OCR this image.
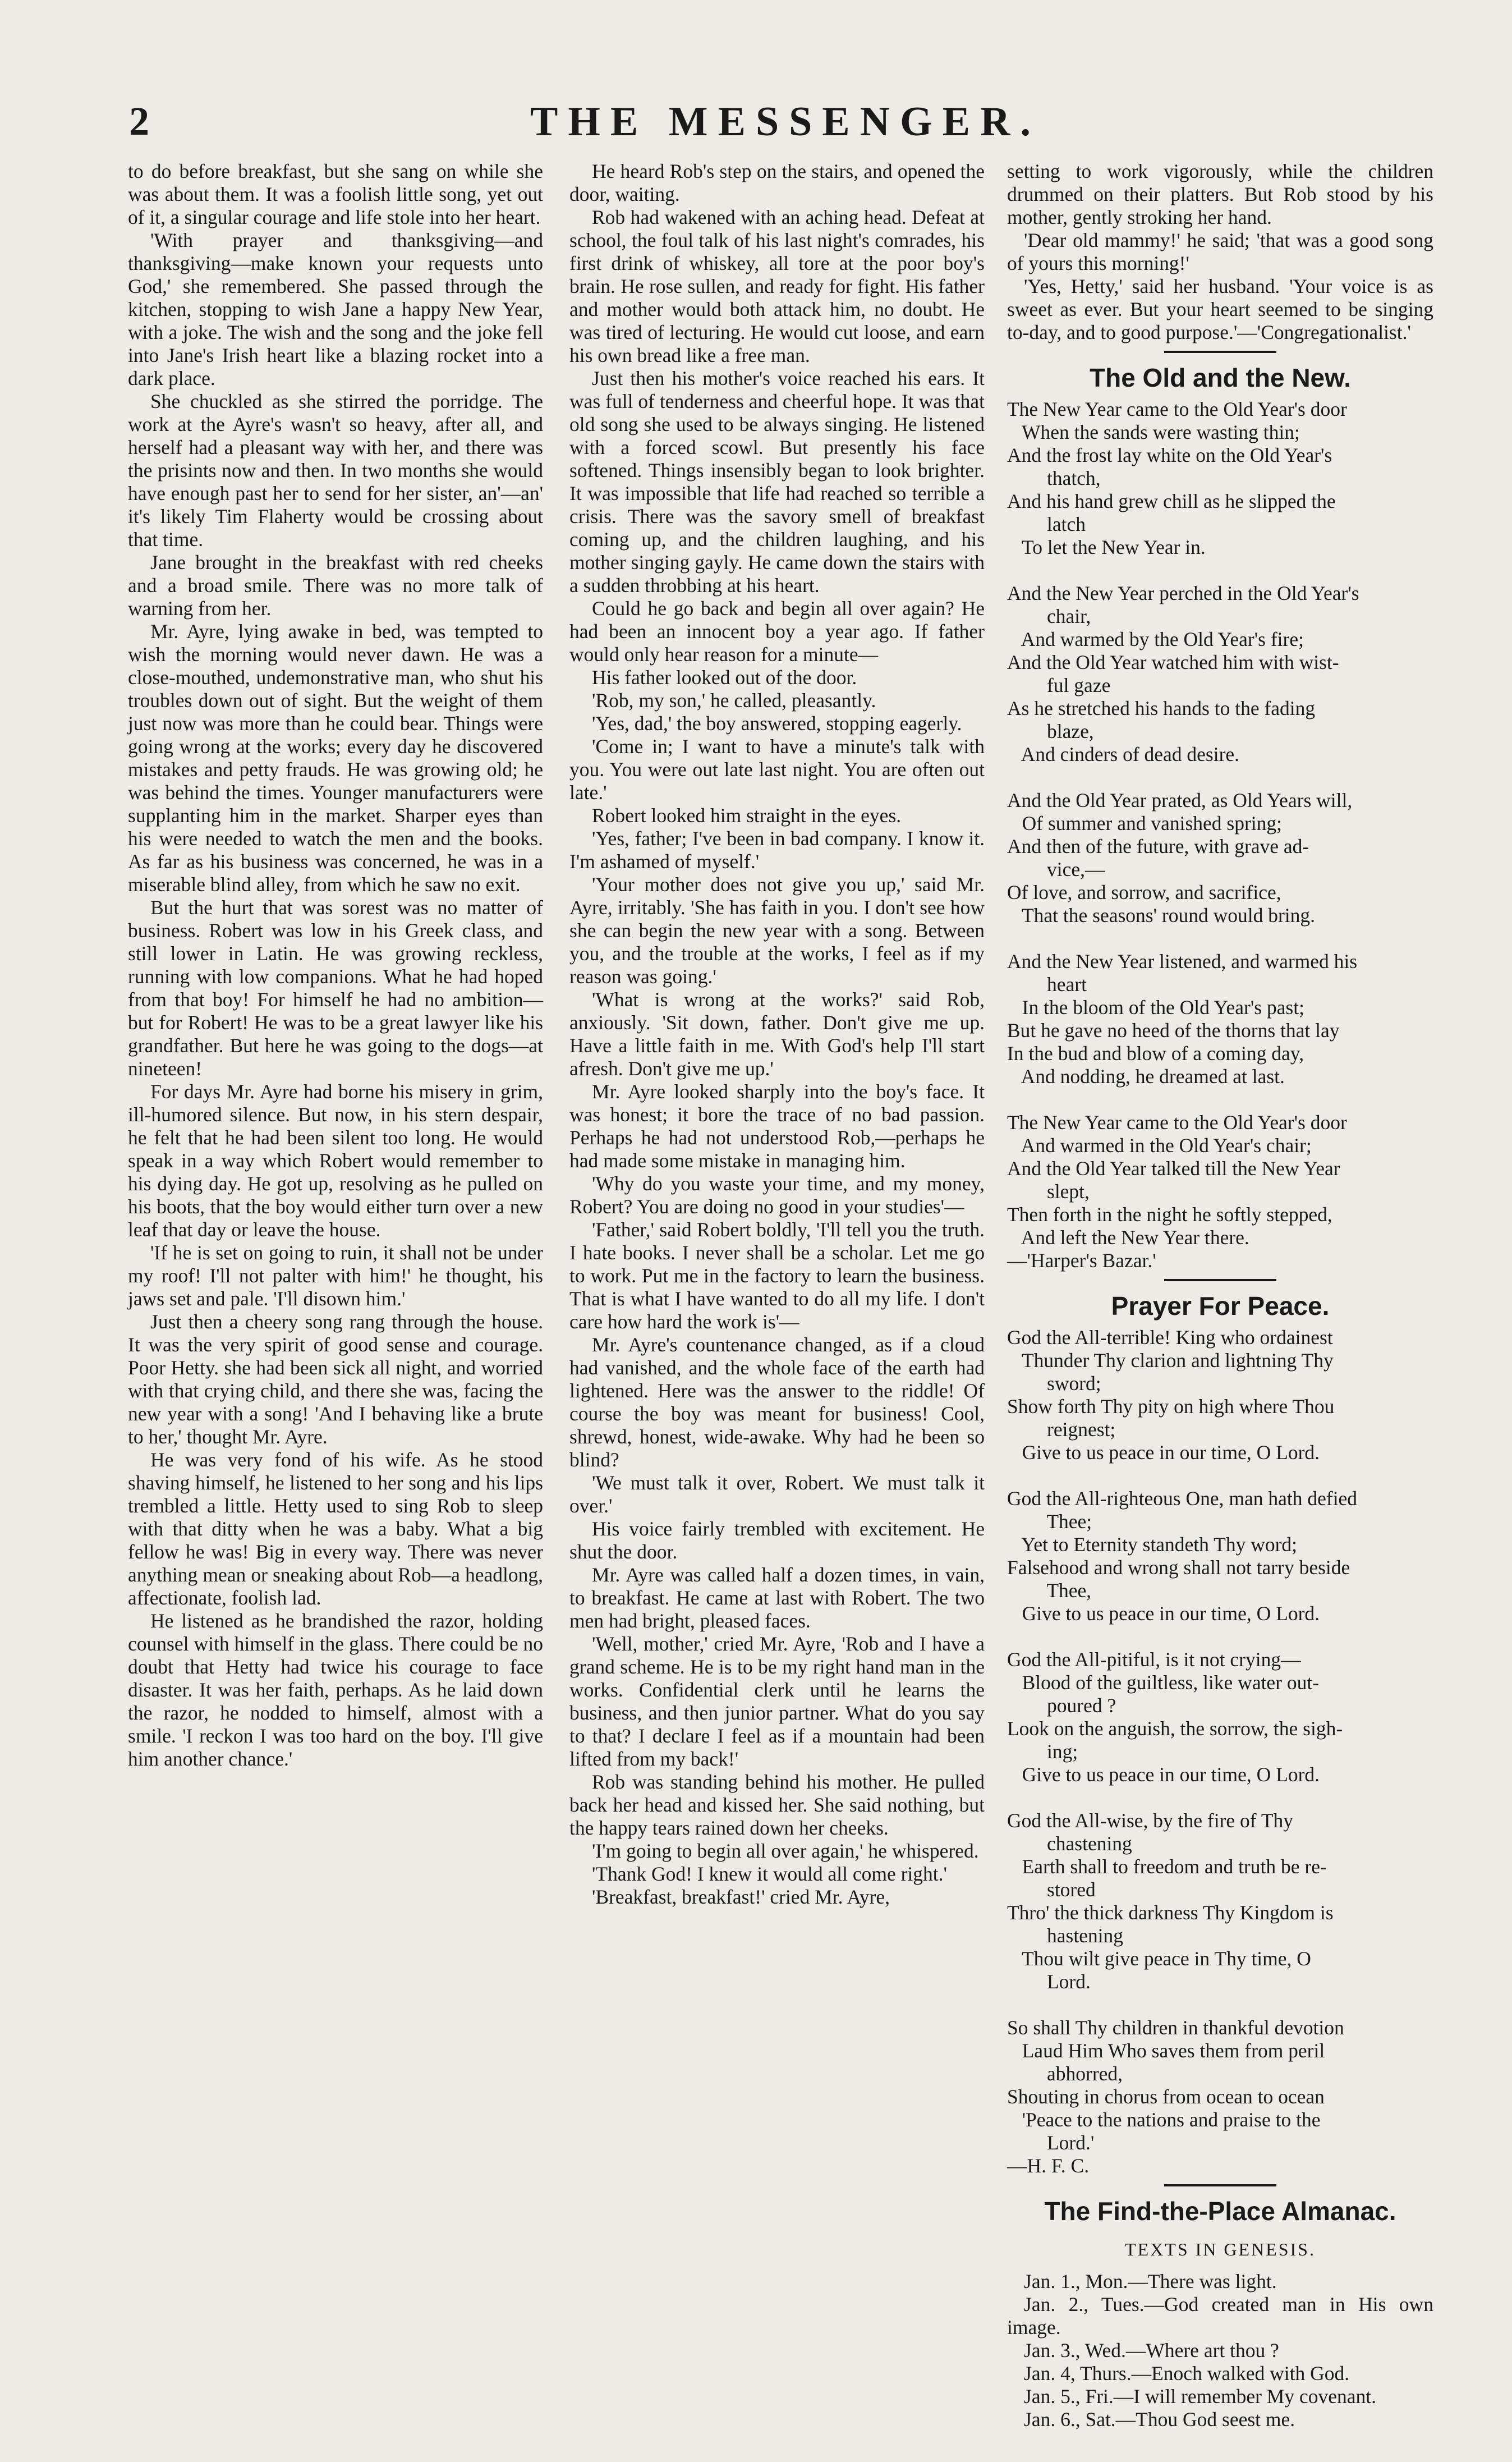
2	THE MESSENGER.

to do before breakfast, but she sang on while she was about them. It was a foolish little song, yet out of it, a singular courage and life stole into her heart.

'With prayer and thanksgiving—and thanksgiving—make known your requests unto God,' she remembered. She passed through the kitchen, stopping to wish Jane a happy New Year, with a joke. The wish and the song and the joke fell into Jane's Irish heart like a blazing rocket into a dark place.

She chuckled as she stirred the porridge. The work at the Ayre's wasn't so heavy, after all, and herself had a pleasant way with her, and there was the prisints now and then. In two months she would have enough past her to send for her sister, an'—an' it's likely Tim Flaherty would be crossing about that time.

Jane brought in the breakfast with red cheeks and a broad smile. There was no more talk of warning from her.

Mr. Ayre, lying awake in bed, was tempted to wish the morning would never dawn. He was a close-mouthed, undemonstrative man, who shut his troubles down out of sight. But the weight of them just now was more than he could bear. Things were going wrong at the works; every day he discovered mistakes and petty frauds. He was growing old; he was behind the times. Younger manufacturers were supplanting him in the market. Sharper eyes than his were needed to watch the men and the books. As far as his business was concerned, he was in a miserable blind alley, from which he saw no exit.

But the hurt that was sorest was no matter of business. Robert was low in his Greek class, and still lower in Latin. He was growing reckless, running with low companions. What he had hoped from that boy! For himself he had no ambition—but for Robert! He was to be a great lawyer like his grandfather. But here he was going to the dogs—at nineteen!

For days Mr. Ayre had borne his misery in grim, ill-humored silence. But now, in his stern despair, he felt that he had been silent too long. He would speak in a way which Robert would remember to his dying day. He got up, resolving as he pulled on his boots, that the boy would either turn over a new leaf that day or leave the house.

'If he is set on going to ruin, it shall not be under my roof! I'll not palter with him!' he thought, his jaws set and pale. 'I'll disown him.'

Just then a cheery song rang through the house. It was the very spirit of good sense and courage. Poor Hetty. she had been sick all night, and worried with that crying child, and there she was, facing the new year with a song! 'And I behaving like a brute to her,' thought Mr. Ayre.

He was very fond of his wife. As he stood shaving himself, he listened to her song and his lips trembled a little. Hetty used to sing Rob to sleep with that ditty when he was a baby. What a big fellow he was! Big in every way. There was never anything mean or sneaking about Rob—a headlong, affectionate, foolish lad.

He listened as he brandished the razor, holding counsel with himself in the glass. There could be no doubt that Hetty had twice his courage to face disaster. It was her faith, perhaps. As he laid down the razor, he nodded to himself, almost with a smile. 'I reckon I was too hard on the boy. I'll give him another chance.'

He heard Rob's step on the stairs, and opened the door, waiting.

Rob had wakened with an aching head. Defeat at school, the foul talk of his last night's comrades, his first drink of whiskey, all tore at the poor boy's brain. He rose sullen, and ready for fight. His father and mother would both attack him, no doubt. He was tired of lecturing. He would cut loose, and earn his own bread like a free man.

Just then his mother's voice reached his ears. It was full of tenderness and cheerful hope. It was that old song she used to be always singing. He listened with a forced scowl. But presently his face softened. Things insensibly began to look brighter. It was impossible that life had reached so terrible a crisis. There was the savory smell of breakfast coming up, and the children laughing, and his mother singing gayly. He came down the stairs with a sudden throbbing at his heart.

Could he go back and begin all over again? He had been an innocent boy a year ago. If father would only hear reason for a minute—

His father looked out of the door.

'Rob, my son,' he called, pleasantly.

'Yes, dad,' the boy answered, stopping eagerly.

'Come in; I want to have a minute's talk with you. You were out late last night. You are often out late.'

Robert looked him straight in the eyes.

'Yes, father; I've been in bad company. I know it. I'm ashamed of myself.'

'Your mother does not give you up,' said Mr. Ayre, irritably. 'She has faith in you. I don't see how she can begin the new year with a song. Between you, and the trouble at the works, I feel as if my reason was going.'

'What is wrong at the works?' said Rob, anxiously. 'Sit down, father. Don't give me up. Have a little faith in me. With God's help I'll start afresh. Don't give me up.'

Mr. Ayre looked sharply into the boy's face. It was honest; it bore the trace of no bad passion. Perhaps he had not understood Rob,—perhaps he had made some mistake in managing him.

'Why do you waste your time, and my money, Robert? You are doing no good in your studies'—

'Father,' said Robert boldly, 'I'll tell you the truth. I hate books. I never shall be a scholar. Let me go to work. Put me in the factory to learn the business. That is what I have wanted to do all my life. I don't care how hard the work is'—

Mr. Ayre's countenance changed, as if a cloud had vanished, and the whole face of the earth had lightened. Here was the answer to the riddle! Of course the boy was meant for business! Cool, shrewd, honest, wide-awake. Why had he been so blind?

'We must talk it over, Robert. We must talk it over.'

His voice fairly trembled with excitement. He shut the door.

Mr. Ayre was called half a dozen times, in vain, to breakfast. He came at last with Robert. The two men had bright, pleased faces.

'Well, mother,' cried Mr. Ayre, 'Rob and I have a grand scheme. He is to be my right hand man in the works. Confidential clerk until he learns the business, and then junior partner. What do you say to that? I declare I feel as if a mountain had been lifted from my back!'

Rob was standing behind his mother. He pulled back her head and kissed her. She said nothing, but the happy tears rained down her cheeks.

'I'm going to begin all over again,' he whispered.

'Thank God! I knew it would all come right.'

'Breakfast, breakfast!' cried Mr. Ayre,

setting to work vigorously, while the children drummed on their platters. But Rob stood by his mother, gently stroking her hand.

'Dear old mammy!' he said; 'that was a good song of yours this morning!'

'Yes, Hetty,' said her husband. 'Your voice is as sweet as ever. But your heart seemed to be singing to-day, and to good purpose.'—'Congregationalist.'

The Old and the New.
The New Year came to the Old Year's door
When the sands were wasting thin;
And the frost lay white on the Old Year's
thatch,
And his hand grew chill as he slipped the
latch
To let the New Year in.
And the New Year perched in the Old Year's
chair,
And warmed by the Old Year's fire;
And the Old Year watched him with wist-
ful gaze
As he stretched his hands to the fading
blaze,
And cinders of dead desire.
And the Old Year prated, as Old Years will,
Of summer and vanished spring;
And then of the future, with grave ad-
vice,—
Of love, and sorrow, and sacrifice,
That the seasons' round would bring.
And the New Year listened, and warmed his
heart
In the bloom of the Old Year's past;
But he gave no heed of the thorns that lay
In the bud and blow of a coming day,
And nodding, he dreamed at last.
The New Year came to the Old Year's door
And warmed in the Old Year's chair;
And the Old Year talked till the New Year
slept,
Then forth in the night he softly stepped,
And left the New Year there.
—'Harper's Bazar.'
Prayer For Peace.
God the All-terrible! King who ordainest
Thunder Thy clarion and lightning Thy
sword;
Show forth Thy pity on high where Thou
reignest;
Give to us peace in our time, O Lord.
God the All-righteous One, man hath defied
Thee;
Yet to Eternity standeth Thy word;
Falsehood and wrong shall not tarry beside
Thee,
Give to us peace in our time, O Lord.
God the All-pitiful, is it not crying—
Blood of the guiltless, like water out-
poured ?
Look on the anguish, the sorrow, the sigh-
ing;
Give to us peace in our time, O Lord.
God the All-wise, by the fire of Thy
chastening
Earth shall to freedom and truth be re-
stored
Thro' the thick darkness Thy Kingdom is
hastening
Thou wilt give peace in Thy time, O
Lord.
So shall Thy children in thankful devotion
Laud Him Who saves them from peril
abhorred,
Shouting in chorus from ocean to ocean
'Peace to the nations and praise to the
Lord.'
—H. F. C.
The Find-the-Place Almanac.
TEXTS IN GENESIS.

Jan. 1., Mon.—There was light.

Jan. 2., Tues.—God created man in His own image.

Jan. 3., Wed.—Where art thou ?

Jan. 4, Thurs.—Enoch walked with God.

Jan. 5., Fri.—I will remember My covenant.

Jan. 6., Sat.—Thou God seest me.
